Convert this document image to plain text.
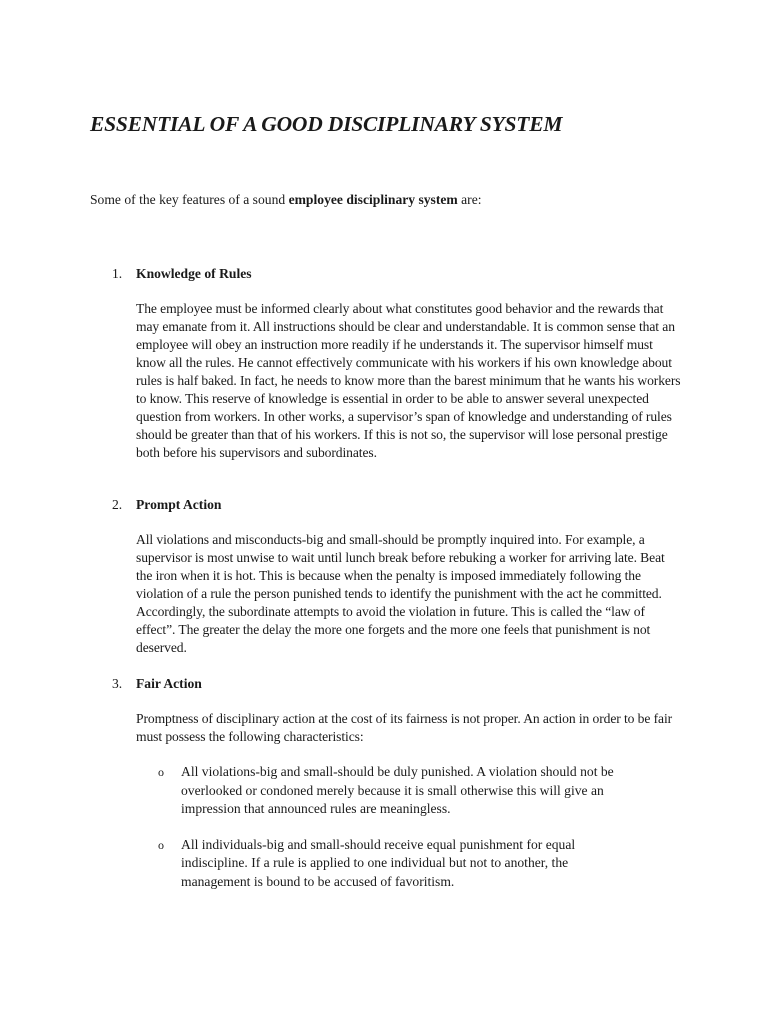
ESSENTIAL OF A GOOD DISCIPLINARY SYSTEM

Some of the key features of a sound employee disciplinary system are:

1. Knowledge of Rules

The employee must be informed clearly about what constitutes good behavior and the rewards that may emanate from it. All instructions should be clear and understandable. It is common sense that an employee will obey an instruction more readily if he understands it. The supervisor himself must know all the rules. He cannot effectively communicate with his workers if his own knowledge about rules is half baked. In fact, he needs to know more than the barest minimum that he wants his workers to know. This reserve of knowledge is essential in order to be able to answer several unexpected question from workers. In other works, a supervisor’s span of knowledge and understanding of rules should be greater than that of his workers. If this is not so, the supervisor will lose personal prestige both before his supervisors and subordinates.

2. Prompt Action

All violations and misconducts-big and small-should be promptly inquired into. For example, a supervisor is most unwise to wait until lunch break before rebuking a worker for arriving late. Beat the iron when it is hot. This is because when the penalty is imposed immediately following the violation of a rule the person punished tends to identify the punishment with the act he committed. Accordingly, the subordinate attempts to avoid the violation in future. This is called the “law of effect”. The greater the delay the more one forgets and the more one feels that punishment is not deserved.

3. Fair Action

Promptness of disciplinary action at the cost of its fairness is not proper. An action in order to be fair must possess the following characteristics:

o All violations-big and small-should be duly punished. A violation should not be overlooked or condoned merely because it is small otherwise this will give an impression that announced rules are meaningless.
o All individuals-big and small-should receive equal punishment for equal indiscipline. If a rule is applied to one individual but not to another, the management is bound to be accused of favoritism.
